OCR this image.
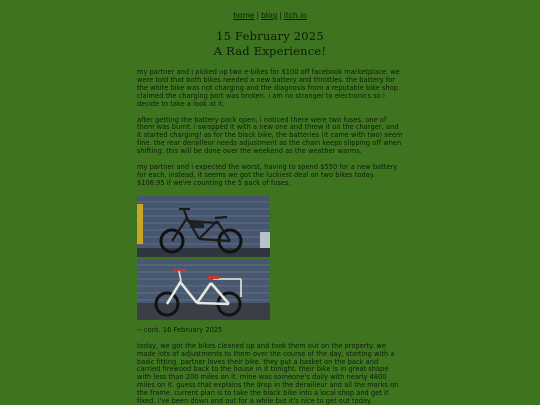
home | blog | itch.io
15 February 2025
A Rad Experience!

my partner and i picked up two e-bikes for $100 off facebook marketplace. we were told that both bikes needed a new battery and throttles. the battery for the white bike was not charging and the diagnosis from a reputable bike shop claimed the charging port was broken. i am no stranger to electronics so i decide to take a look at it.

after getting the battery pack open, i noticed there were two fuses. one of them was burnt. i swapped it with a new one and threw it on the charger, and it started charging! as for the black bike, the batteries (it came with two) seem fine. the rear derailleur needs adjustment as the chain keeps slipping off when shifting. this will be done over the weekend as the weather warms.

my partner and i expected the worst, having to spend $550 for a new battery for each. instead, it seems we got the luckiest deal on two bikes today. $106.95 if we're counting the 5 pack of fuses.

-- cont. 16 February 2025

today, we got the bikes cleaned up and took them out on the property. we made lots of adjustments to them over the course of the day, starting with a basic fitting. partner loves their bike. they put a basket on the back and carried firewood back to the house in it tonight. their bike is in great shape with less than 200 miles on it. mine was someone's daily with nearly 4800 miles on it. guess that explains the drop in the derailleur and all the marks on the frame. current plan is to take the black bike into a local shop and get it fixed. i've been down and out for a while but it's nice to get out today.
